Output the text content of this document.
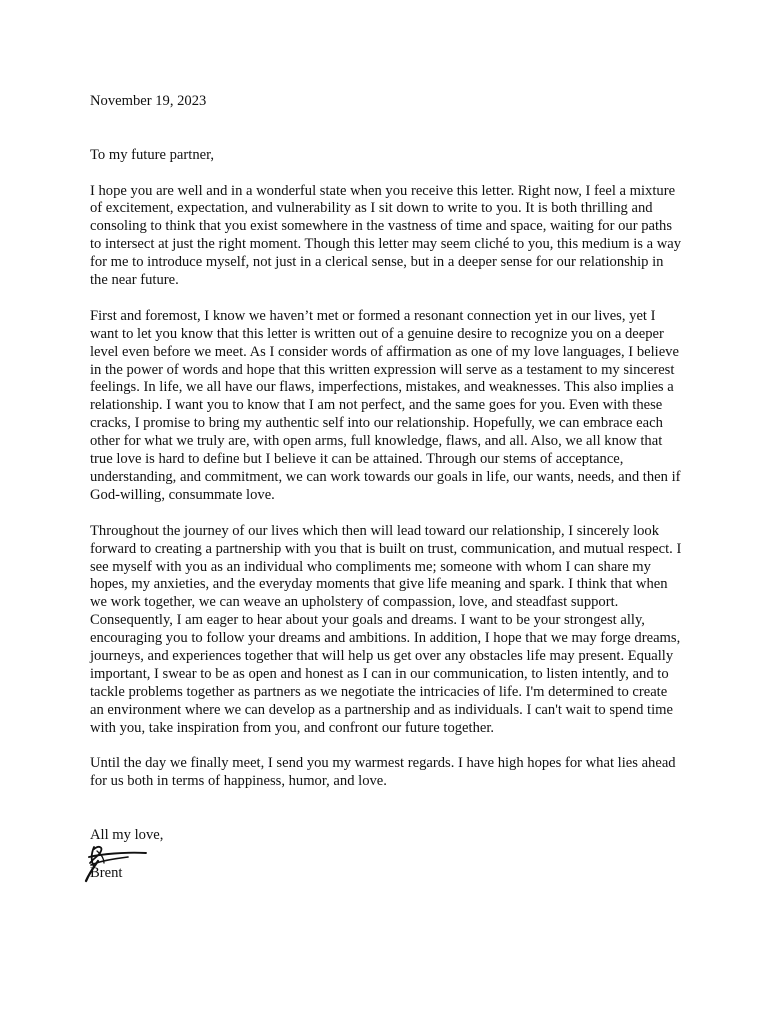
November 19, 2023

To my future partner,

I hope you are well and in a wonderful state when you receive this letter. Right now, I feel a mixture of excitement, expectation, and vulnerability as I sit down to write to you. It is both thrilling and consoling to think that you exist somewhere in the vastness of time and space, waiting for our paths to intersect at just the right moment. Though this letter may seem cliché to you, this medium is a way for me to introduce myself, not just in a clerical sense, but in a deeper sense for our relationship in the near future.

First and foremost, I know we haven’t met or formed a resonant connection yet in our lives, yet I want to let you know that this letter is written out of a genuine desire to recognize you on a deeper level even before we meet. As I consider words of affirmation as one of my love languages, I believe in the power of words and hope that this written expression will serve as a testament to my sincerest feelings. In life, we all have our flaws, imperfections, mistakes, and weaknesses. This also implies a relationship. I want you to know that I am not perfect, and the same goes for you. Even with these cracks, I promise to bring my authentic self into our relationship. Hopefully, we can embrace each other for what we truly are, with open arms, full knowledge, flaws, and all. Also, we all know that true love is hard to define but I believe it can be attained. Through our stems of acceptance, understanding, and commitment, we can work towards our goals in life, our wants, needs, and then if God-willing, consummate love.

Throughout the journey of our lives which then will lead toward our relationship, I sincerely look forward to creating a partnership with you that is built on trust, communication, and mutual respect. I see myself with you as an individual who compliments me; someone with whom I can share my hopes, my anxieties, and the everyday moments that give life meaning and spark. I think that when we work together, we can weave an upholstery of compassion, love, and steadfast support. Consequently, I am eager to hear about your goals and dreams. I want to be your strongest ally, encouraging you to follow your dreams and ambitions. In addition, I hope that we may forge dreams, journeys, and experiences together that will help us get over any obstacles life may present. Equally important, I swear to be as open and honest as I can in our communication, to listen intently, and to tackle problems together as partners as we negotiate the intricacies of life. I'm determined to create an environment where we can develop as a partnership and as individuals. I can't wait to spend time with you, take inspiration from you, and confront our future together.

Until the day we finally meet, I send you my warmest regards. I have high hopes for what lies ahead for us both in terms of happiness, humor, and love.

All my love,

Brent
